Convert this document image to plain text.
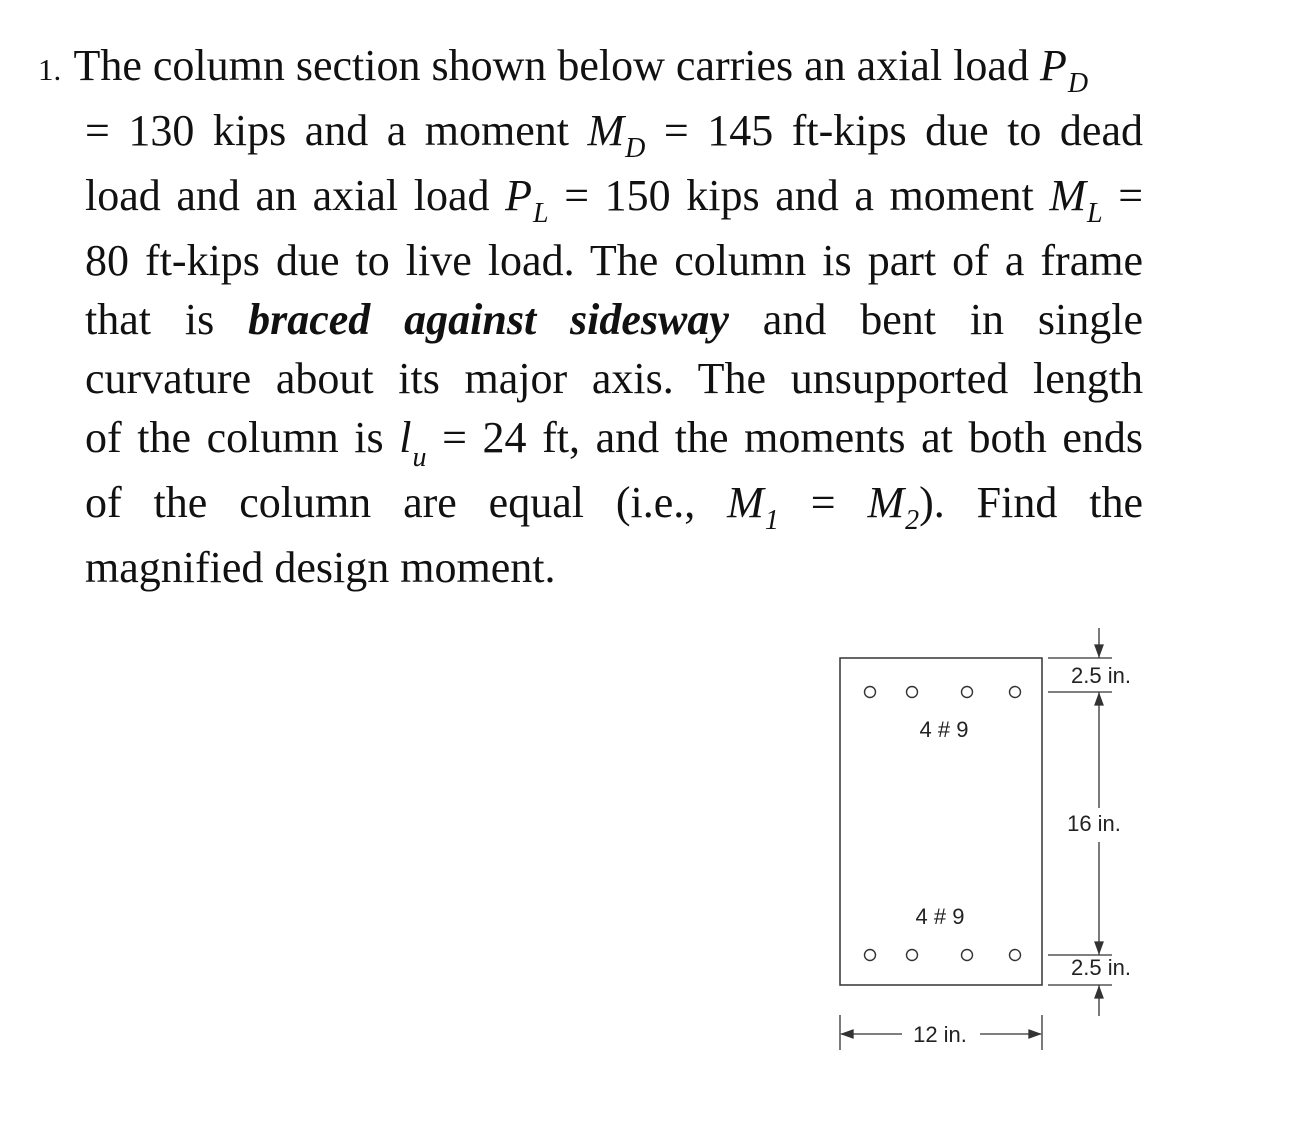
1. The column section shown below carries an axial load $P_D$

= 130 kips and a moment $M_D = 145$ ft-kips due to dead
load and an axial load $P_L = 150$ kips and a moment $M_L$ =
80 ft-kips due to live load. The column is part of a frame
that is braced against sidesway and bent in single
curvature about its major axis. The unsupported length
of the column is $l_u = 24$ ft, and the moments at both ends
of the column are equal (i.e., $M_1 = M_2$). Find the
magnified design moment.

4 # 9
4 # 9
2.5 in.
16 in.
2.5 in.
12 in.
